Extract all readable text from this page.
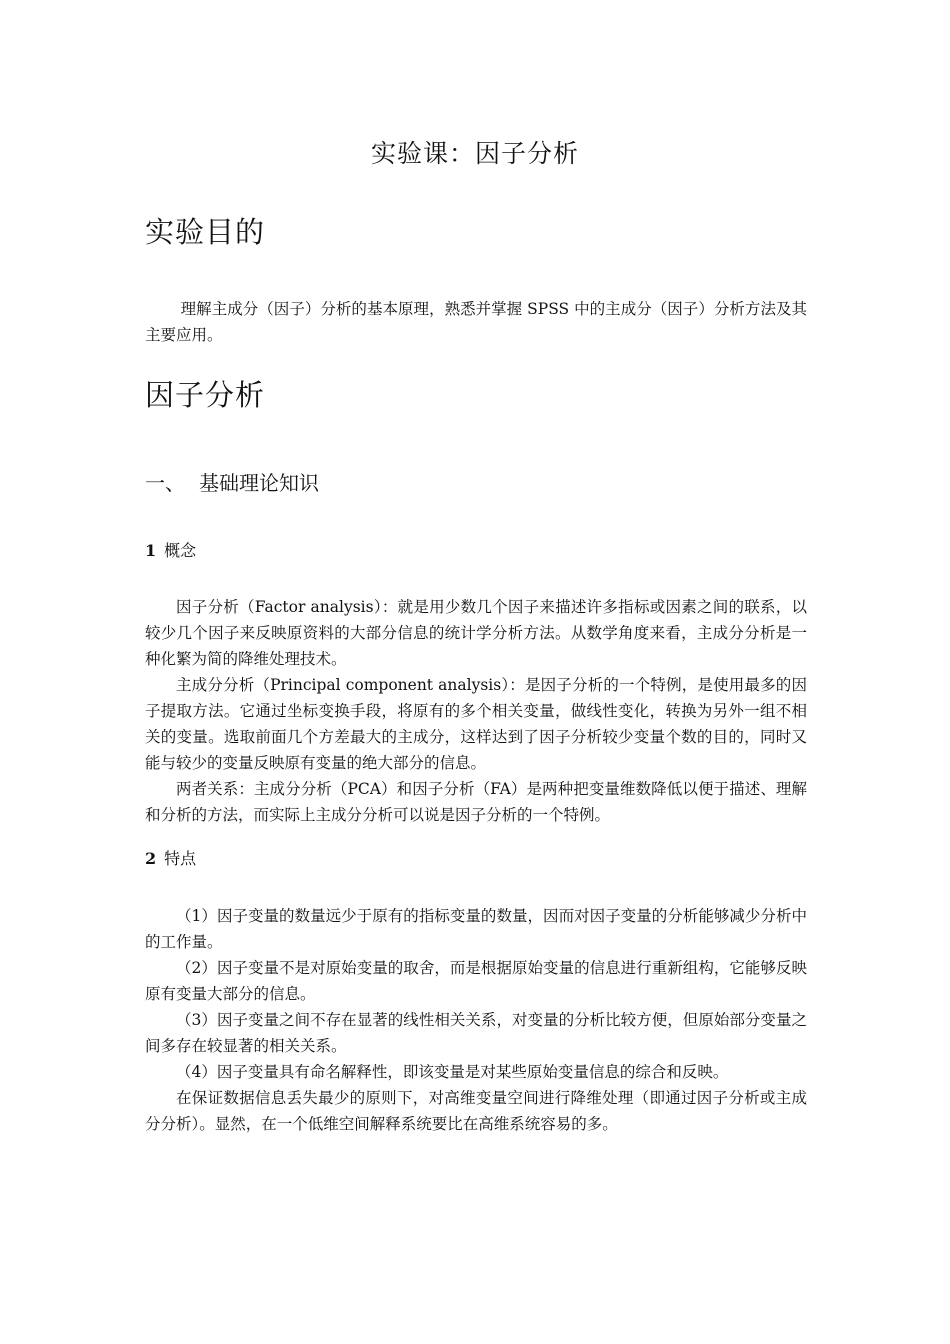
实验课：因子分析
实验目的

理解主成分（因子）分析的基本原理，熟悉并掌握 SPSS 中的主成分（因子）分析方法及其主要应用。

因子分析
一、 基础理论知识
1 概念

因子分析（Factor analysis）：就是用少数几个因子来描述许多指标或因素之间的联系，以较少几个因子来反映原资料的大部分信息的统计学分析方法。从数学角度来看，主成分分析是一种化繁为简的降维处理技术。

主成分分析（Principal component analysis）：是因子分析的一个特例，是使用最多的因子提取方法。它通过坐标变换手段，将原有的多个相关变量，做线性变化，转换为另外一组不相关的变量。选取前面几个方差最大的主成分，这样达到了因子分析较少变量个数的目的，同时又能与较少的变量反映原有变量的绝大部分的信息。

两者关系：主成分分析（PCA）和因子分析（FA）是两种把变量维数降低以便于描述、理解和分析的方法，而实际上主成分分析可以说是因子分析的一个特例。

2 特点

（1）因子变量的数量远少于原有的指标变量的数量，因而对因子变量的分析能够减少分析中的工作量。

（2）因子变量不是对原始变量的取舍，而是根据原始变量的信息进行重新组构，它能够反映原有变量大部分的信息。

（3）因子变量之间不存在显著的线性相关关系，对变量的分析比较方便，但原始部分变量之间多存在较显著的相关关系。

（4）因子变量具有命名解释性，即该变量是对某些原始变量信息的综合和反映。

在保证数据信息丢失最少的原则下，对高维变量空间进行降维处理（即通过因子分析或主成分分析）。显然，在一个低维空间解释系统要比在高维系统容易的多。
